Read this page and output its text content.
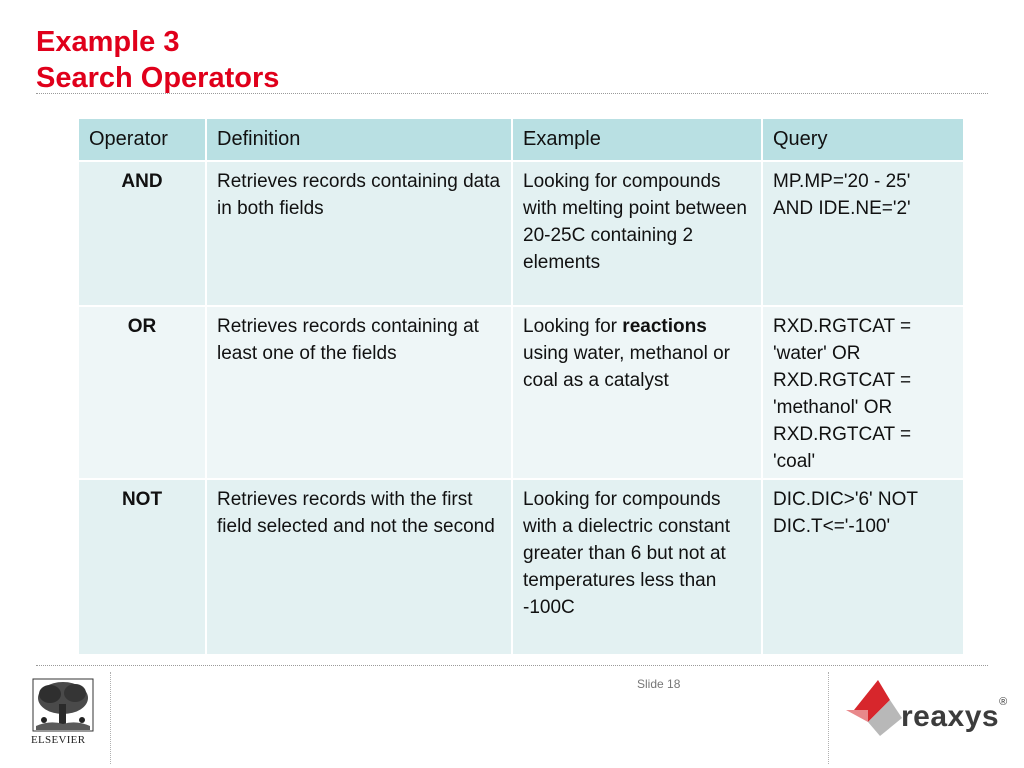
Example 3
Search Operators
Operator	Definition	Example	Query
AND	Retrieves records containing data in both fields	Looking for compounds with melting point between 20-25C containing 2 elements	MP.MP='20 - 25' AND IDE.NE='2'
OR	Retrieves records containing at least one of the fields	Looking for reactions using water, methanol or coal as a catalyst	RXD.RGTCAT = 'water' OR RXD.RGTCAT = 'methanol' OR RXD.RGTCAT = 'coal'
NOT	Retrieves records with the first field selected and not the second	Looking for compounds with a dielectric constant greater than 6 but not at temperatures less than -100C	DIC.DIC>'6' NOT DIC.T<='-100'
ELSEVIER
Slide 18
reaxys®
